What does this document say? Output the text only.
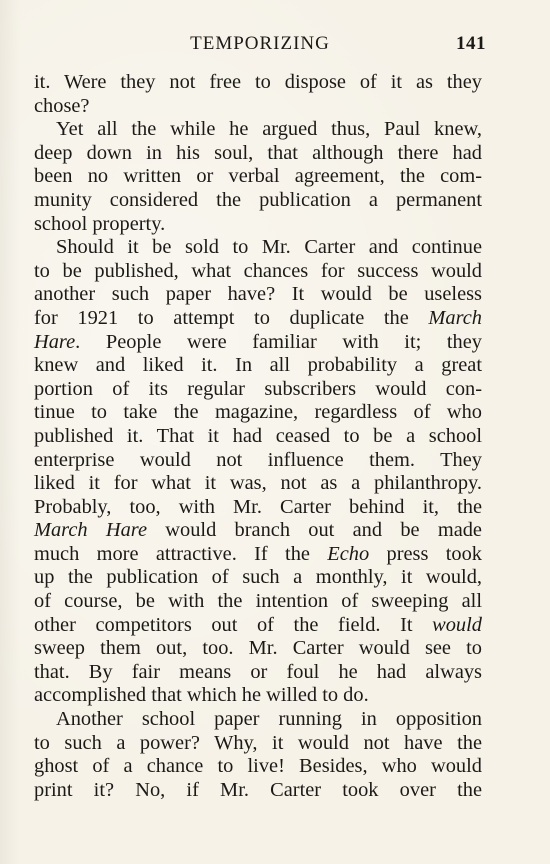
TEMPORIZING	141
it. Were they not free to dispose of it as they
chose?
Yet all the while he argued thus, Paul knew,
deep down in his soul, that although there had
been no written or verbal agreement, the com-
munity considered the publication a permanent
school property.
Should it be sold to Mr. Carter and continue
to be published, what chances for success would
another such paper have? It would be useless
for 1921 to attempt to duplicate the March
Hare. People were familiar with it; they
knew and liked it. In all probability a great
portion of its regular subscribers would con-
tinue to take the magazine, regardless of who
published it. That it had ceased to be a school
enterprise would not influence them. They
liked it for what it was, not as a philanthropy.
Probably, too, with Mr. Carter behind it, the
March Hare would branch out and be made
much more attractive. If the Echo press took
up the publication of such a monthly, it would,
of course, be with the intention of sweeping all
other competitors out of the field. It would
sweep them out, too. Mr. Carter would see to
that. By fair means or foul he had always
accomplished that which he willed to do.
Another school paper running in opposition
to such a power? Why, it would not have the
ghost of a chance to live! Besides, who would
print it? No, if Mr. Carter took over the
